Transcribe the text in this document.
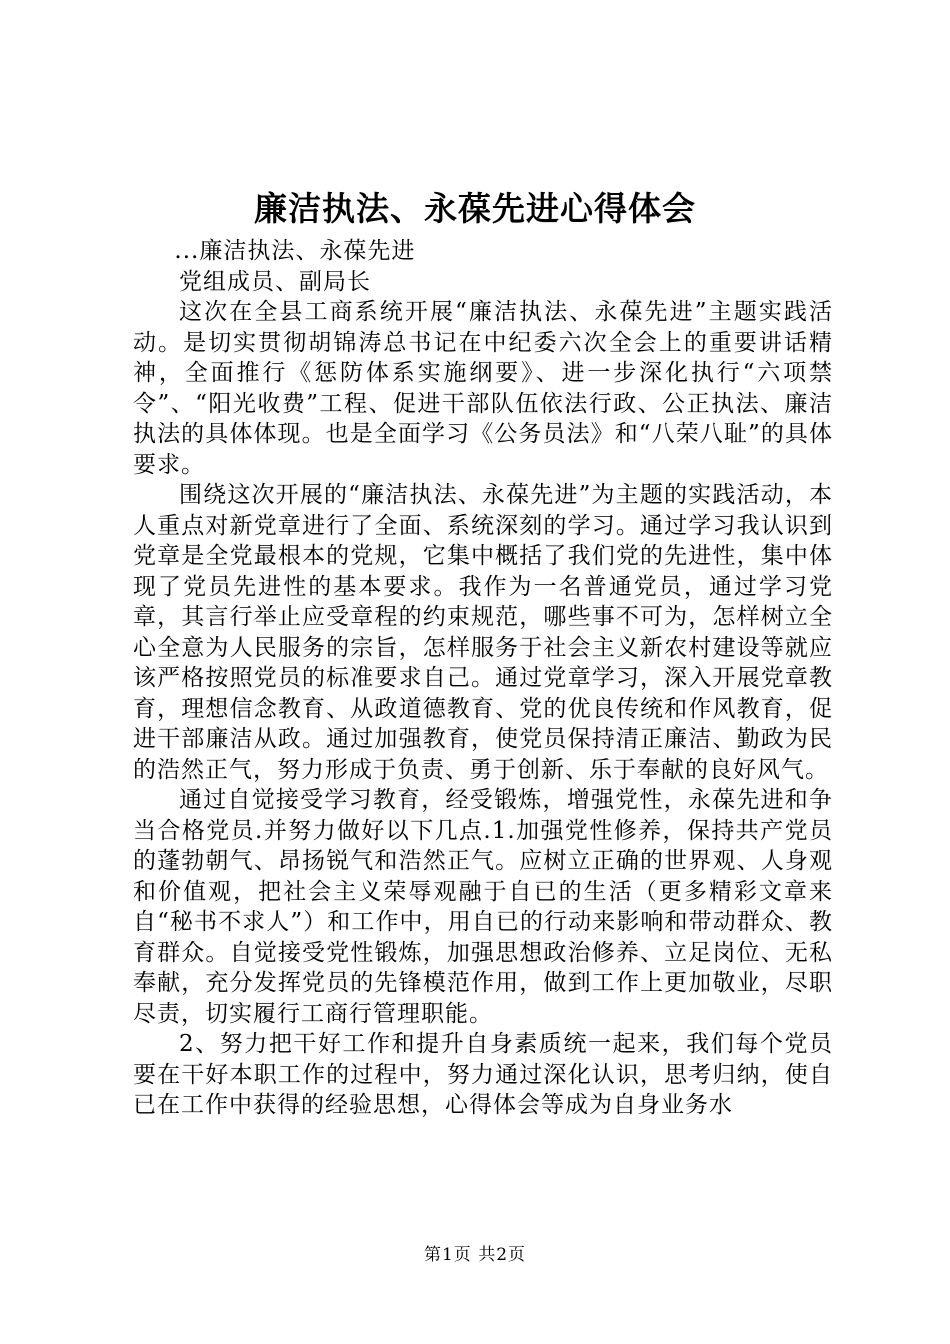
廉洁执法、永葆先进心得体会

...廉洁执法、永葆先进

党组成员、副局长

这次在全县工商系统开展“廉洁执法、永葆先进”主题实践活动。是切实贯彻胡锦涛总书记在中纪委六次全会上的重要讲话精神，全面推行《惩防体系实施纲要》、进一步深化执行“六项禁令”、“阳光收费”工程、促进干部队伍依法行政、公正执法、廉洁执法的具体体现。也是全面学习《公务员法》和“八荣八耻”的具体要求。

围绕这次开展的“廉洁执法、永葆先进”为主题的实践活动，本人重点对新党章进行了全面、系统深刻的学习。通过学习我认识到党章是全党最根本的党规，它集中概括了我们党的先进性，集中体现了党员先进性的基本要求。我作为一名普通党员，通过学习党章，其言行举止应受章程的约束规范，哪些事不可为，怎样树立全心全意为人民服务的宗旨，怎样服务于社会主义新农村建设等就应该严格按照党员的标准要求自己。通过党章学习，深入开展党章教育，理想信念教育、从政道德教育、党的优良传统和作风教育，促进干部廉洁从政。通过加强教育，使党员保持清正廉洁、勤政为民的浩然正气，努力形成于负责、勇于创新、乐于奉献的良好风气。

通过自觉接受学习教育，经受锻炼，增强党性，永葆先进和争当合格党员.并努力做好以下几点.1.加强党性修养，保持共产党员的蓬勃朝气、昂扬锐气和浩然正气。应树立正确的世界观、人身观和价值观，把社会主义荣辱观融于自已的生活（更多精彩文章来自“秘书不求人”）和工作中，用自已的行动来影响和带动群众、教育群众。自觉接受党性锻炼，加强思想政治修养、立足岗位、无私奉献，充分发挥党员的先锋模范作用，做到工作上更加敬业，尽职尽责，切实履行工商行管理职能。

2、努力把干好工作和提升自身素质统一起来，我们每个党员要在干好本职工作的过程中，努力通过深化认识，思考归纳，使自已在工作中获得的经验思想，心得体会等成为自身业务水

第1页 共2页
